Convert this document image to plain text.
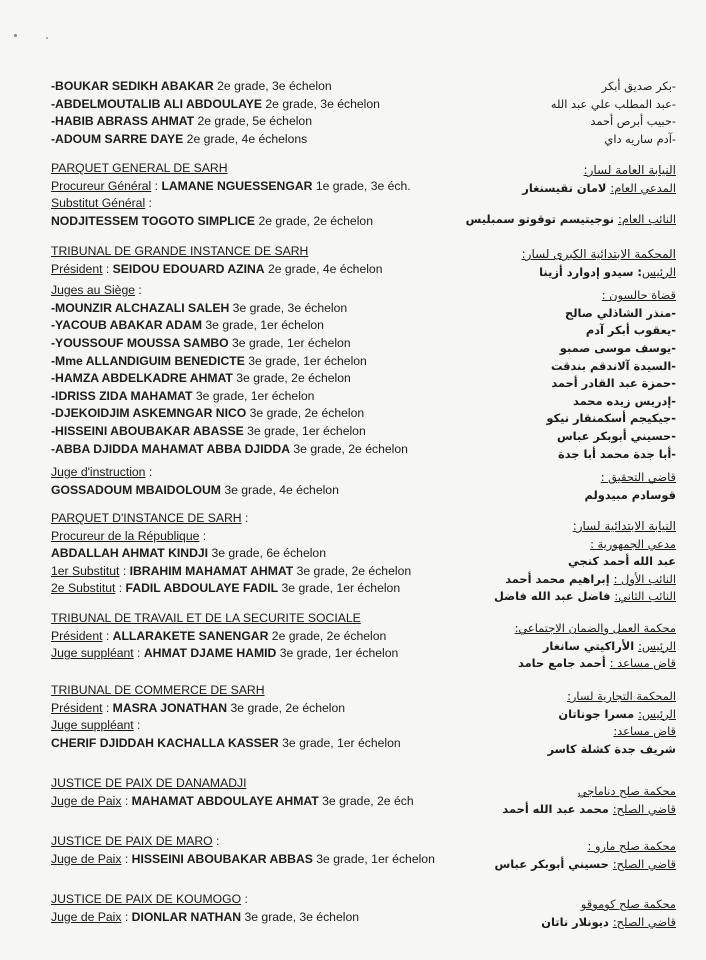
-BOUKAR SEDIKH ABAKAR 2e grade, 3e échelon
-ABDELMOUTALIB ALI ABDOULAYE 2e grade, 3e échelon
-HABIB ABRASS AHMAT 2e grade, 5e échelon
-ADOUM SARRE DAYE 2e grade, 4e échelons
PARQUET GENERAL DE SARH
Procureur Général : LAMANE NGUESSENGAR 1e grade, 3e éch.
Substitut Général :
NODJITESSEM TOGOTO SIMPLICE 2e grade, 2e échelon
TRIBUNAL DE GRANDE INSTANCE DE SARH
Président : SEIDOU EDOUARD AZINA 2e grade, 4e échelon
Juges au Siège :
-MOUNZIR ALCHAZALI SALEH 3e grade, 3e échelon
-YACOUB ABAKAR ADAM 3e grade, 1er échelon
-YOUSSOUF MOUSSA SAMBO 3e grade, 1er échelon
-Mme ALLANDIGUIM BENEDICTE 3e grade, 1er échelon
-HAMZA ABDELKADRE AHMAT 3e grade, 2e échelon
-IDRISS ZIDA MAHAMAT 3e grade, 1er échelon
-DJEKOIDJIM ASKEMNGAR NICO 3e grade, 2e échelon
-HISSEINI ABOUBAKAR ABASSE 3e grade, 1er échelon
-ABBA DJIDDA MAHAMAT ABBA DJIDDA 3e grade, 2e échelon
Juge d'instruction :
GOSSADOUM MBAIDOLOUM 3e grade, 4e échelon
PARQUET D'INSTANCE DE SARH :
Procureur de la République :
ABDALLAH AHMAT KINDJI 3e grade, 6e échelon
1er Substitut : IBRAHIM MAHAMAT AHMAT 3e grade, 2e échelon
2e Substitut : FADIL ABDOULAYE FADIL 3e grade, 1er échelon
TRIBUNAL DE TRAVAIL ET DE LA SECURITE SOCIALE
Président : ALLARAKETE SANENGAR 2e grade, 2e échelon
Juge suppléant : AHMAT DJAME HAMID 3e grade, 1er échelon
TRIBUNAL DE COMMERCE DE SARH
Président : MASRA JONATHAN 3e grade, 2e échelon
Juge suppléant :
CHERIF DJIDDAH KACHALLA KASSER 3e grade, 1er échelon
JUSTICE DE PAIX DE DANAMADJI
Juge de Paix : MAHAMAT ABDOULAYE AHMAT 3e grade, 2e éch
JUSTICE DE PAIX DE MARO :
Juge de Paix : HISSEINI ABOUBAKAR ABBAS 3e grade, 1er échelon
JUSTICE DE PAIX DE KOUMOGO :
Juge de Paix : DIONLAR NATHAN 3e grade, 3e échelon
-بكر صديق أبكر
-عبد المطلب علي عبد الله
-حبيب أبرص أحمد
-آدم ساريه داي
النيابة العامة لسار:
المدعي العام: لامان نقيسنغار
النائب العام: نوجيتيسم توقوتو سمبليس
المحكمة الابتدائية الكبرى لسار:
الرئيس: سيدو إدوارد أزينا
قضاة جالسون :
-منذر الشاذلي صالح
-يعقوب أبكر آدم
-يوسف موسى صمبو
-السيدة آلاندقم بندقت
-حمزة عبد القادر أحمد
-إدريس زيده محمد
-جيكيجم أسكمنقار نيكو
-حسيني أبوبكر عباس
-أبا جدة محمد أبا جدة
قاضي التحقيق :
قوسادم مبيدولم
النيابة الابتدائية لسار:
مدعي الجمهورية :
عبد الله أحمد كنجي
النائب الأول : إبراهيم محمد أحمد
النائب الثاني: فاضل عبد الله فاضل
محكمة العمل والضمان الاجتماعي:
الرئيس: الأراكيتي سانغار
قاض مساعد : أحمد جامع حامد
المحكمة التجارية لسار:
الرئيس: مسرا جوناتان
قاض مساعد:
شريف جدة كشلة كاسر
محكمة صلح دناماجي
قاضي الصلح: محمد عبد الله أحمد
محكمة صلح مارو :
قاضي الصلح: حسيني أبوبكر عباس
محكمة صلح كوموقو
قاضي الصلح: ديونلار ناتان
